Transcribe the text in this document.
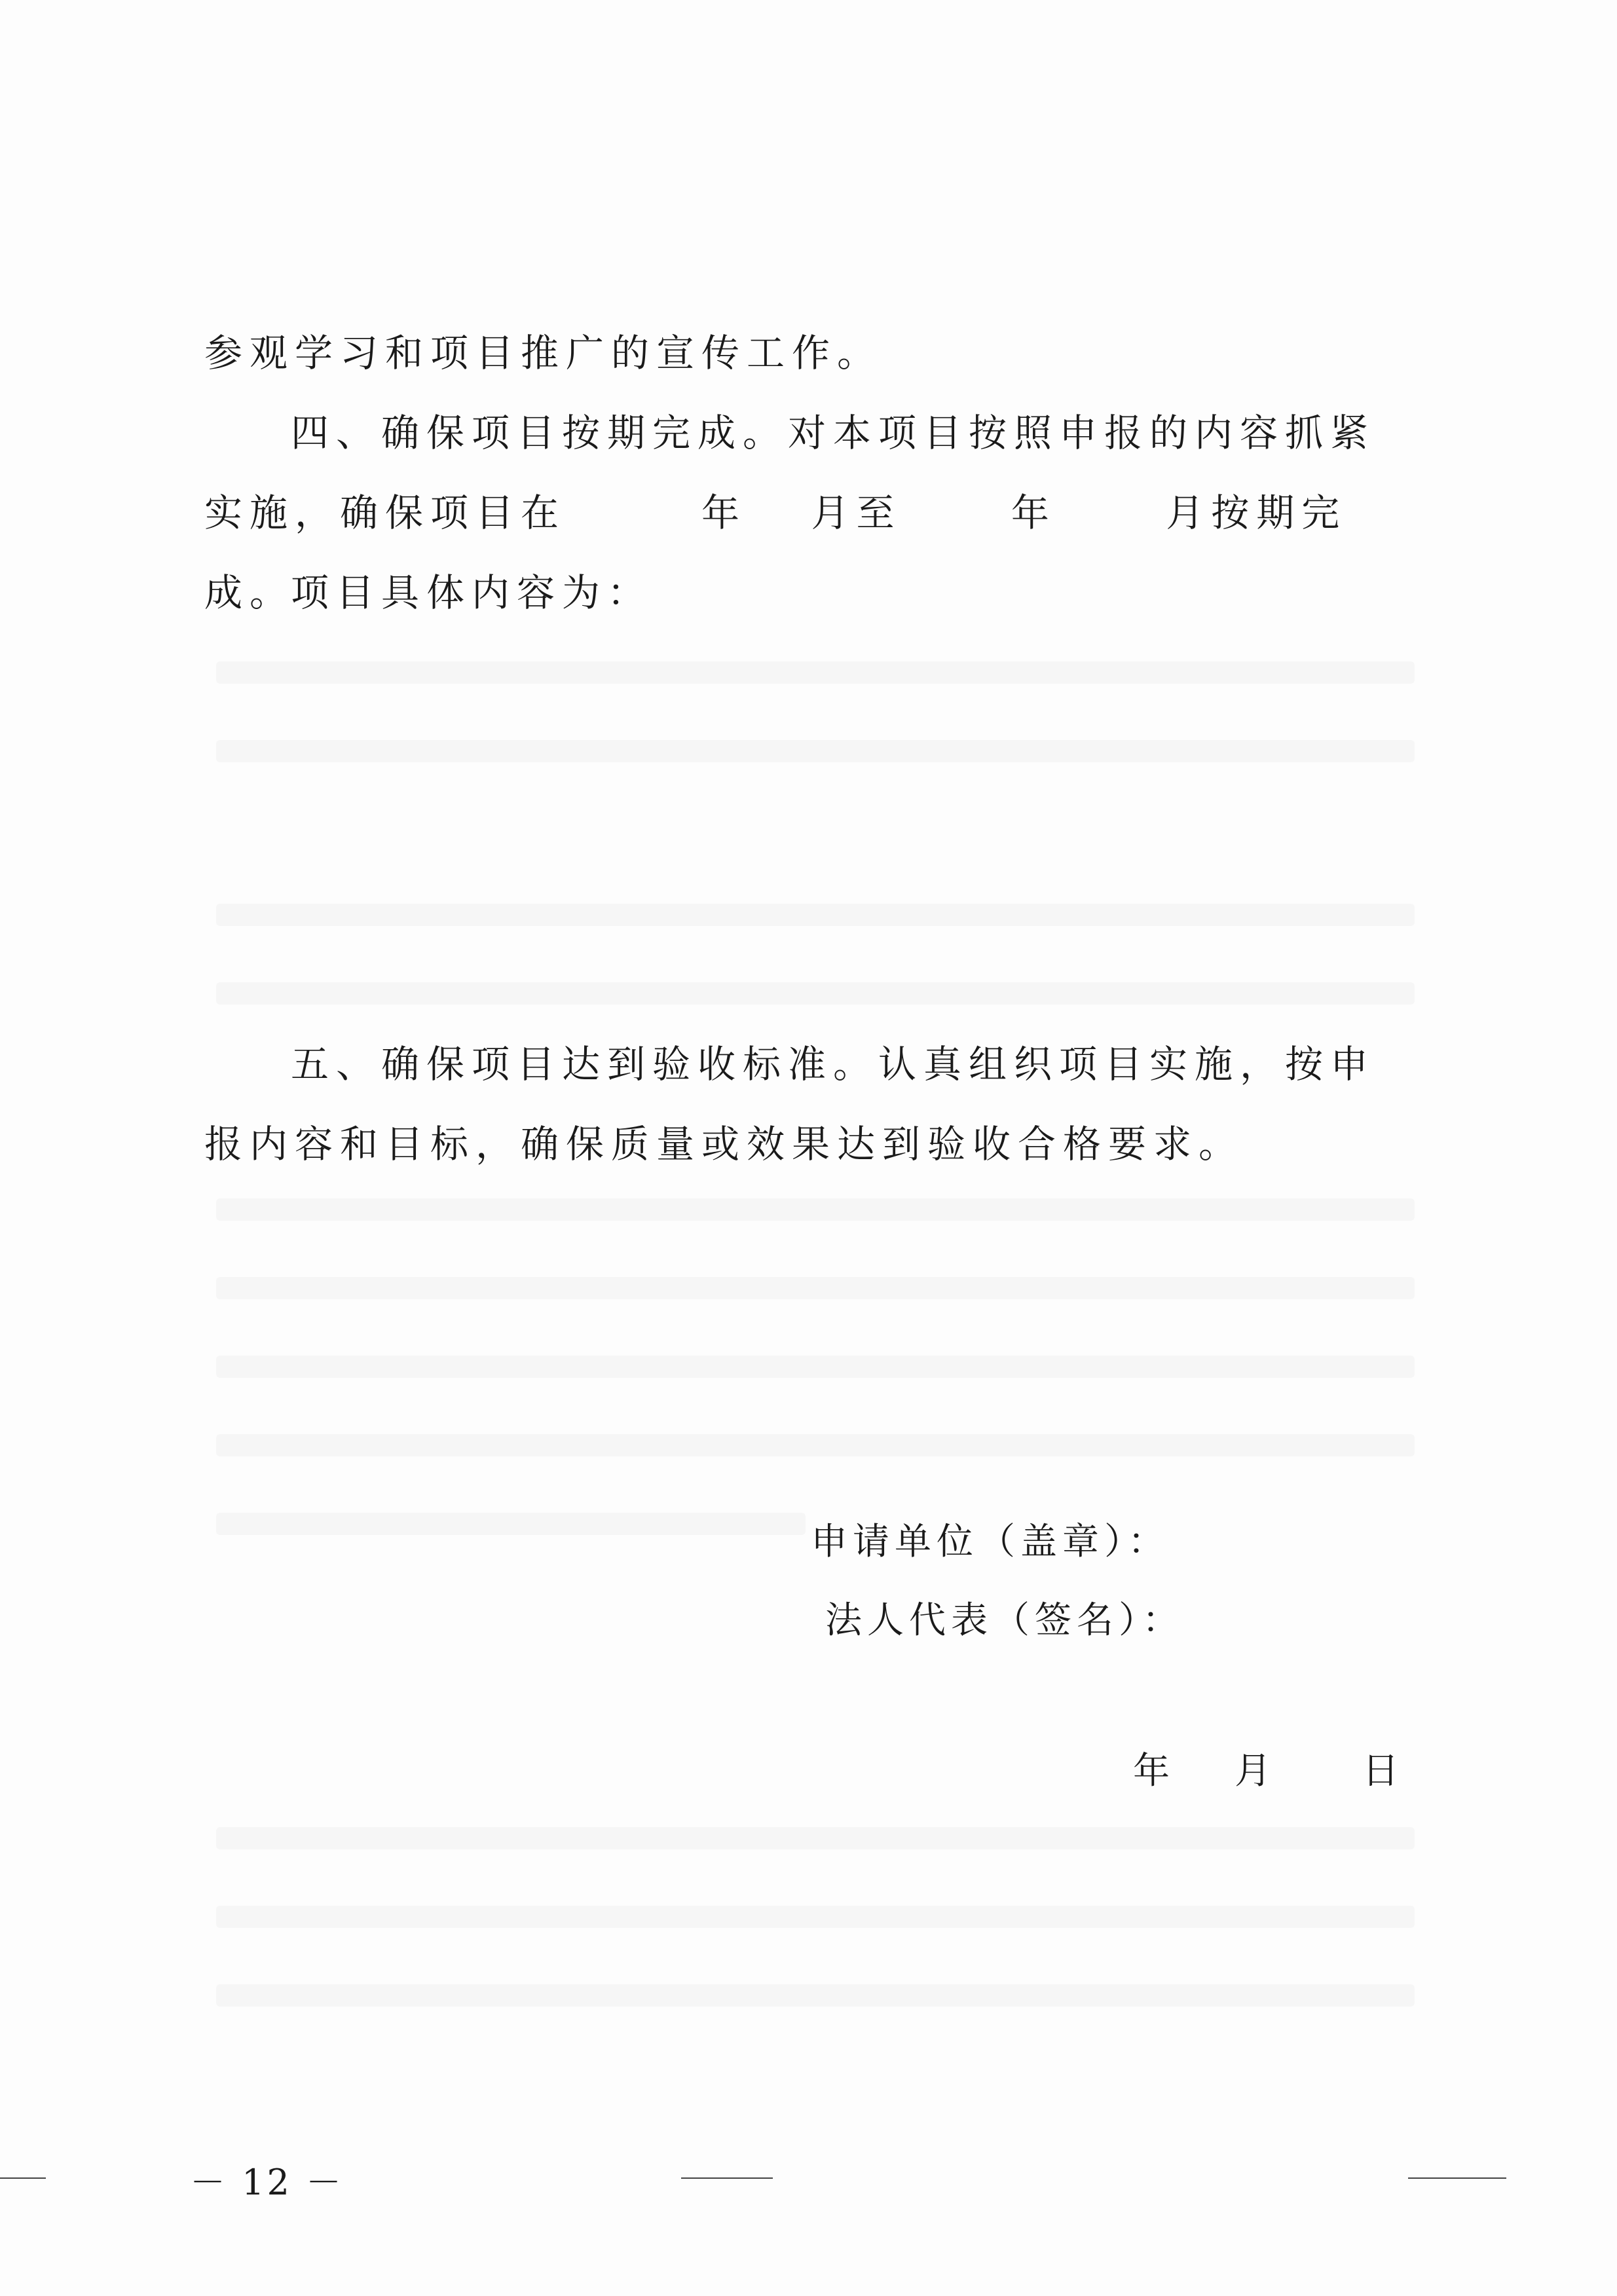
参观学习和项目推广的宣传工作。

四、确保项目按期完成。对本项目按照申报的内容抓紧实施，确保项目在　　　年　 月至　　 年　　 月按期完成。

项目具体内容为：

五、确保项目达到验收标准。认真组织项目实施，按申报内容和目标，确保质量或效果达到验收合格要求。

申请单位（盖章）：

法人代表（签名）：

年 月 日

－ 12 －
